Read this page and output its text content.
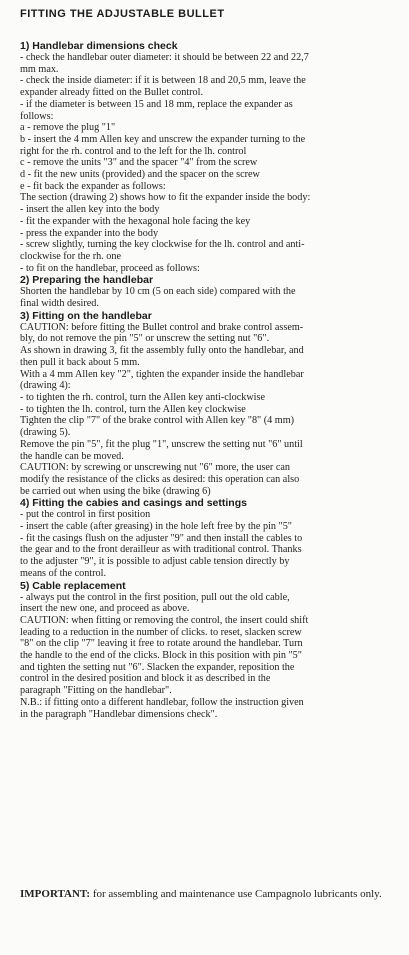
FITTING THE ADJUSTABLE BULLET

1) Handlebar dimensions check

- check the handlebar outer diameter: it should be between 22 and 22,7

mm max.

- check the inside diameter: if it is between 18 and 20,5 mm, leave the

expander already fitted on the Bullet control.

- if the diameter is between 15 and 18 mm, replace the expander as

follows:

a - remove the plug "1"

b - insert the 4 mm Allen key and unscrew the expander turning to the

right for the rh. control and to the left for the lh. control

c - remove the units "3" and the spacer "4" from the screw

d - fit the new units (provided) and the spacer on the screw

e - fit back the expander as follows:

The section (drawing 2) shows how to fit the expander inside the body:

- insert the allen key into the body

- fit the expander with the hexagonal hole facing the key

- press the expander into the body

- screw slightly, turning the key clockwise for the lh. control and anti-

clockwise for the rh. one

- to fit on the handlebar, proceed as follows:

2) Preparing the handlebar

Shorten the handlebar by 10 cm (5 on each side) compared with the

final width desired.

3) Fitting on the handlebar

CAUTION: before fitting the Bullet control and brake control assem-

bly, do not remove the pin "5" or unscrew the setting nut "6".

As shown in drawing 3, fit the assembly fully onto the handlebar, and

then pull it back about 5 mm.

With a 4 mm Allen key "2", tighten the expander inside the handlebar

(drawing 4):

- to tighten the rh. control, turn the Allen key anti-clockwise

- to tighten the lh. control, turn the Allen key clockwise

Tighten the clip "7" of the brake control with Allen key "8" (4 mm)

(drawing 5).

Remove the pin "5", fit the plug "1", unscrew the setting nut "6" until

the handle can be moved.

CAUTION: by screwing or unscrewing nut "6" more, the user can

modify the resistance of the clicks as desired: this operation can also

be carried out when using the bike (drawing 6)

4) Fitting the cabies and casings and settings

- put the control in first position

- insert the cable (after greasing) in the hole left free by the pin "5"

- fit the casings flush on the adjuster "9" and then install the cables to

the gear and to the front derailleur as with traditional control. Thanks

to the adjuster "9", it is possible to adjust cable tension directly by

means of the control.

5) Cable replacement

- always put the control in the first position, pull out the old cable,

insert the new one, and proceed as above.

CAUTION: when fitting or removing the control, the insert could shift

leading to a reduction in the number of clicks. to reset, slacken screw

"8" on the clip "7" leaving it free to rotate around the handlebar. Turn

the handle to the end of the clicks. Block in this position with pin "5"

and tighten the setting nut "6". Slacken the expander, reposition the

control in the desired position and block it as described in the

paragraph "Fitting on the handlebar".

N.B.: if fitting onto a different handlebar, follow the instruction given

in the paragraph "Handlebar dimensions check".

IMPORTANT: for assembling and maintenance use Campagnolo lubricants only.
